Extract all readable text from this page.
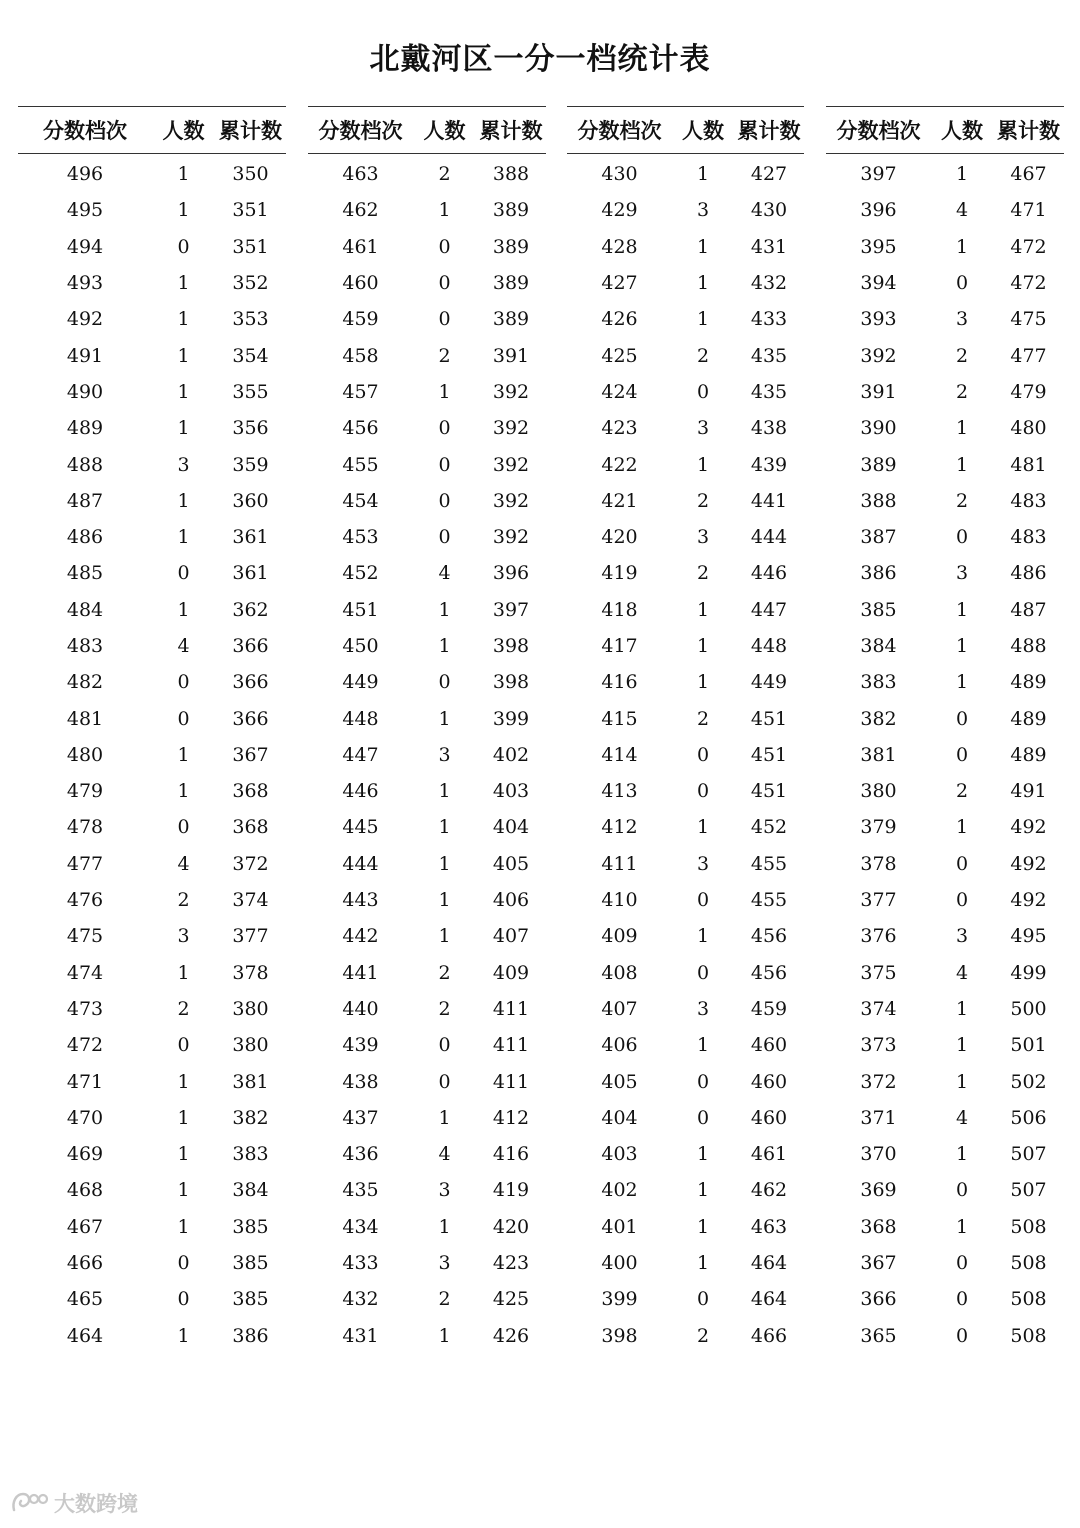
北戴河区一分一档统计表
分数档次	人数	累计数
496	1	350
495	1	351
494	0	351
493	1	352
492	1	353
491	1	354
490	1	355
489	1	356
488	3	359
487	1	360
486	1	361
485	0	361
484	1	362
483	4	366
482	0	366
481	0	366
480	1	367
479	1	368
478	0	368
477	4	372
476	2	374
475	3	377
474	1	378
473	2	380
472	0	380
471	1	381
470	1	382
469	1	383
468	1	384
467	1	385
466	0	385
465	0	385
464	1	386
分数档次	人数	累计数
463	2	388
462	1	389
461	0	389
460	0	389
459	0	389
458	2	391
457	1	392
456	0	392
455	0	392
454	0	392
453	0	392
452	4	396
451	1	397
450	1	398
449	0	398
448	1	399
447	3	402
446	1	403
445	1	404
444	1	405
443	1	406
442	1	407
441	2	409
440	2	411
439	0	411
438	0	411
437	1	412
436	4	416
435	3	419
434	1	420
433	3	423
432	2	425
431	1	426
分数档次	人数	累计数
430	1	427
429	3	430
428	1	431
427	1	432
426	1	433
425	2	435
424	0	435
423	3	438
422	1	439
421	2	441
420	3	444
419	2	446
418	1	447
417	1	448
416	1	449
415	2	451
414	0	451
413	0	451
412	1	452
411	3	455
410	0	455
409	1	456
408	0	456
407	3	459
406	1	460
405	0	460
404	0	460
403	1	461
402	1	462
401	1	463
400	1	464
399	0	464
398	2	466
分数档次	人数	累计数
397	1	467
396	4	471
395	1	472
394	0	472
393	3	475
392	2	477
391	2	479
390	1	480
389	1	481
388	2	483
387	0	483
386	3	486
385	1	487
384	1	488
383	1	489
382	0	489
381	0	489
380	2	491
379	1	492
378	0	492
377	0	492
376	3	495
375	4	499
374	1	500
373	1	501
372	1	502
371	4	506
370	1	507
369	0	507
368	1	508
367	0	508
366	0	508
365	0	508
大数跨境
